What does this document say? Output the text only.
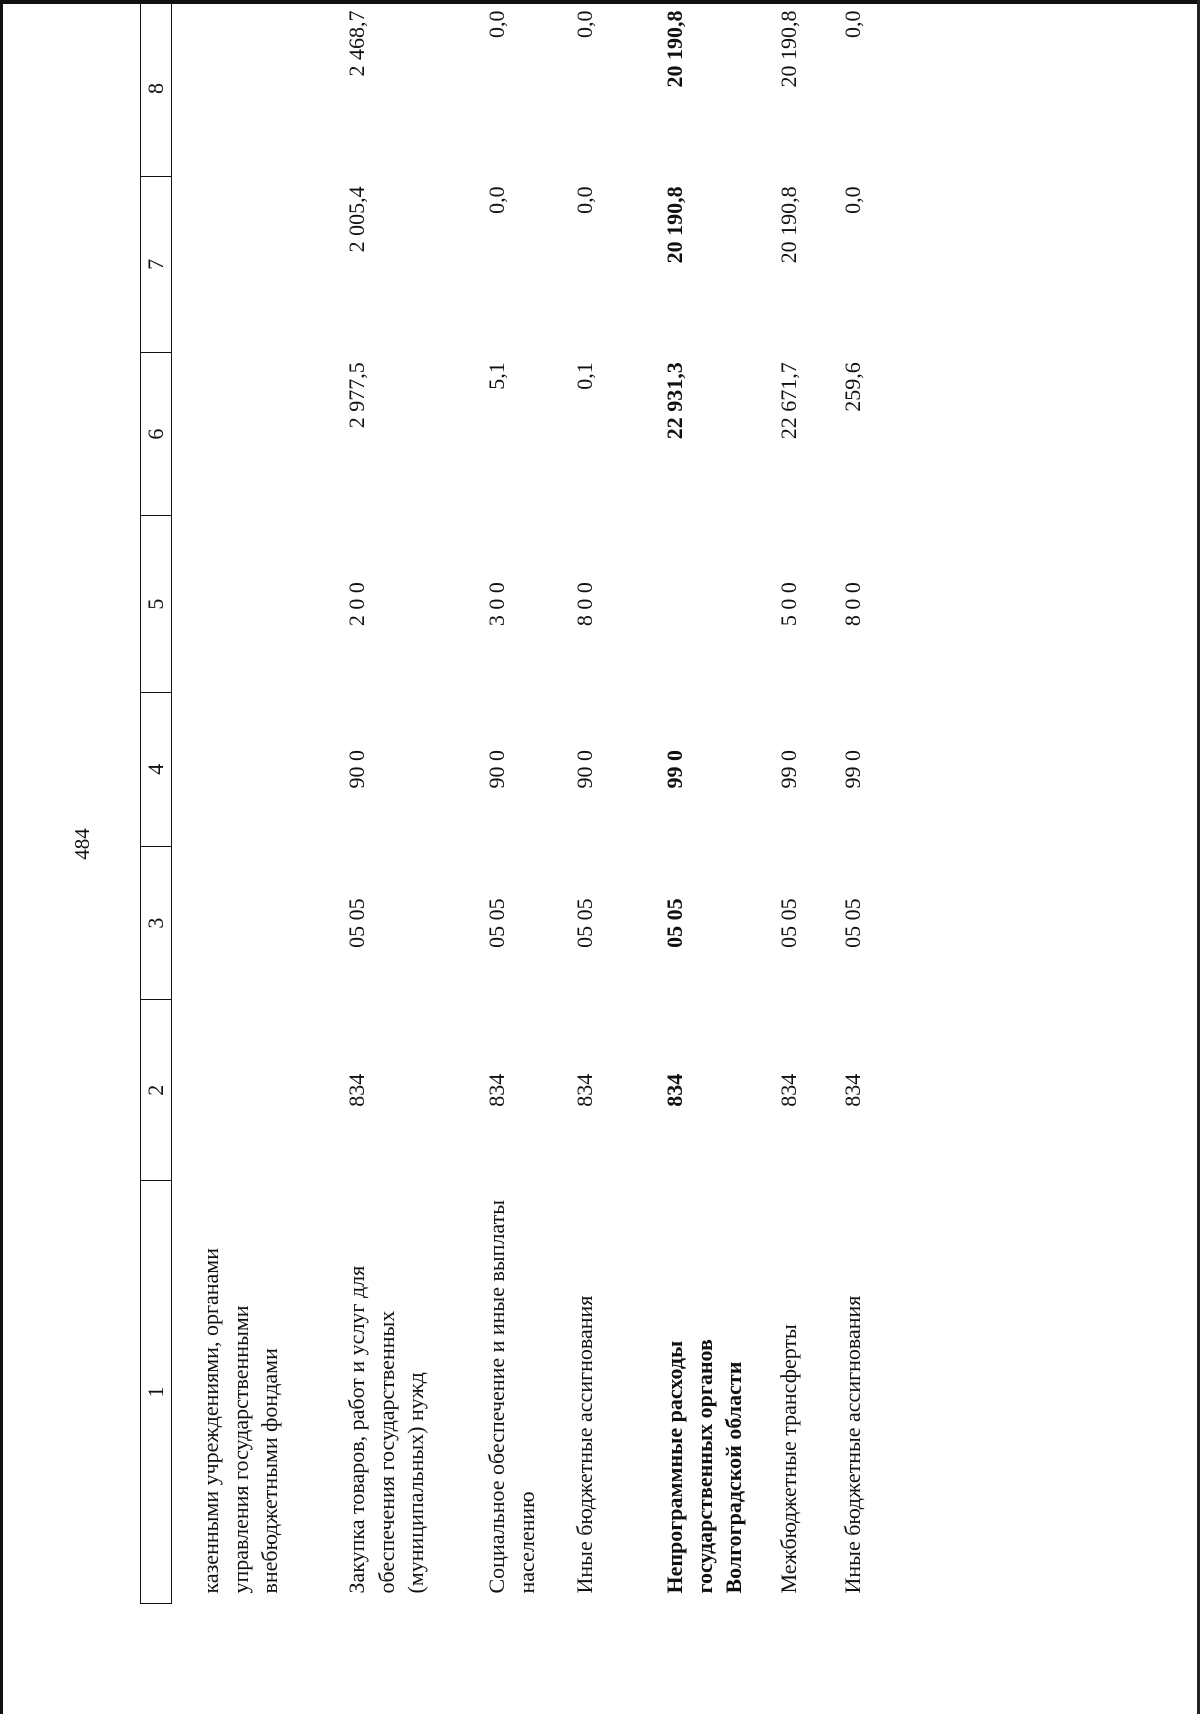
484
1	2	3	4	5	6	7	8
казенными учреждениями, органами управления государственными внебюджетными фондами							
Закупка товаров, работ и услуг для обеспечения государственных (муниципальных) нужд	834	05 05	90 0	2 0 0	2 977,5	2 005,4	2 468,7
Социальное обеспечение и иные выплаты населению	834	05 05	90 0	3 0 0	5,1	0,0	0,0
Иные бюджетные ассигнования	834	05 05	90 0	8 0 0	0,1	0,0	0,0
Непрограммные расходы государственных органов Волгоградской области	834	05 05	99 0		22 931,3	20 190,8	20 190,8
Межбюджетные трансферты	834	05 05	99 0	5 0 0	22 671,7	20 190,8	20 190,8
Иные бюджетные ассигнования	834	05 05	99 0	8 0 0	259,6	0,0	0,0
